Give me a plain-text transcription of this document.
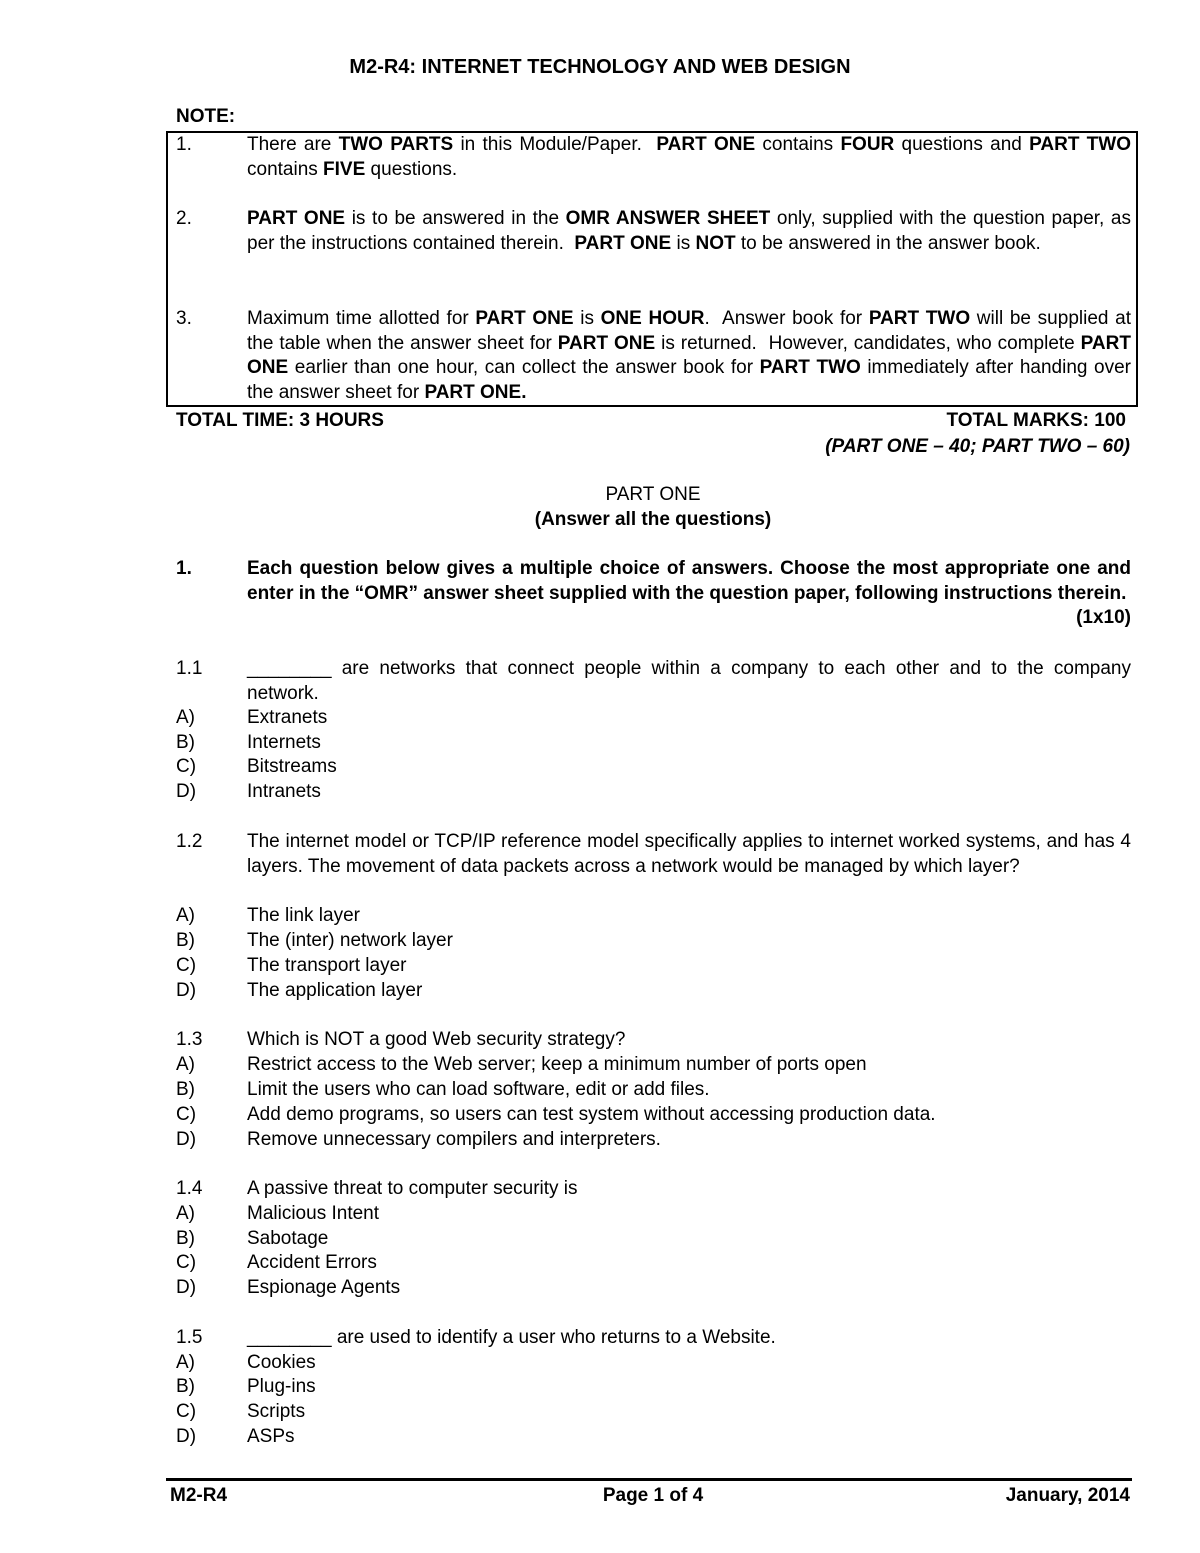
M2-R4: INTERNET TECHNOLOGY AND WEB DESIGN
NOTE:
1.	There are TWO PARTS in this Module/Paper.  PART ONE contains FOUR questions and PART TWO contains FIVE questions.
2.	PART ONE is to be answered in the OMR ANSWER SHEET only, supplied with the question paper, as per the instructions contained therein.  PART ONE is NOT to be answered in the answer book.
3.	Maximum time allotted for PART ONE is ONE HOUR.  Answer book for PART TWO will be supplied at the table when the answer sheet for PART ONE is returned.  However, candidates, who complete PART ONE earlier than one hour, can collect the answer book for PART TWO immediately after handing over the answer sheet for PART ONE.
TOTAL TIME: 3 HOURS	TOTAL MARKS: 100
(PART ONE – 40; PART TWO – 60)
PART ONE
(Answer all the questions)
1.	Each question below gives a multiple choice of answers. Choose the most appropriate one and enter in the “OMR” answer sheet supplied with the question paper, following instructions therein.
(1x10)
1.1 ________ are networks that connect people within a company to each other and to the company network.
A)	Extranets
B)	Internets
C)	Bitstreams
D)	Intranets
1.2 The internet model or TCP/IP reference model specifically applies to internet worked systems, and has 4 layers. The movement of data packets across a network would be managed by which layer?
A)	The link layer
B)	The (inter) network layer
C)	The transport layer
D)	The application layer
1.3 Which is NOT a good Web security strategy?
A)	Restrict access to the Web server; keep a minimum number of ports open
B)	Limit the users who can load software, edit or add files.
C)	Add demo programs, so users can test system without accessing production data.
D)	Remove unnecessary compilers and interpreters.
1.4 A passive threat to computer security is
A)	Malicious Intent
B)	Sabotage
C)	Accident Errors
D)	Espionage Agents
1.5 ________ are used to identify a user who returns to a Website.
A)	Cookies
B)	Plug-ins
C)	Scripts
D)	ASPs
M2-R4	Page 1 of 4	January, 2014
